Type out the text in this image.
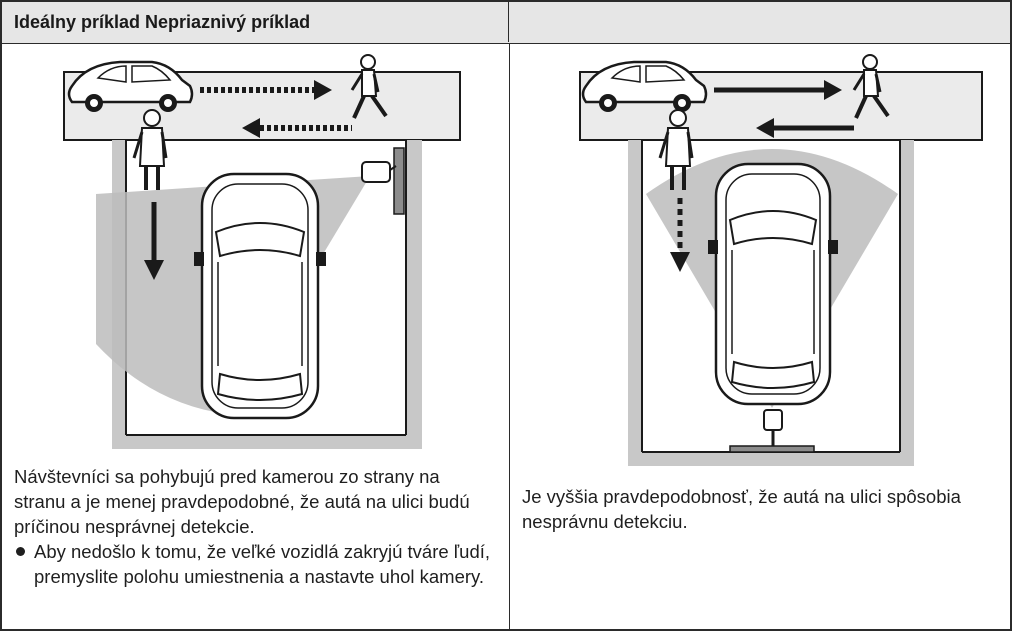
Ideálny príklad Nepriaznivý príklad
Návštevníci sa pohybujú pred kamerou zo strany na stranu a je menej pravdepodobné, že autá na ulici budú príčinou nesprávnej detekcie.
Aby nedošlo k tomu, že veľké vozidlá zakryjú tváre ľudí, premyslite polohu umiestnenia a nastavte uhol kamery.
Je vyššia pravdepodobnosť, že autá na ulici spôsobia nesprávnu detekciu.
